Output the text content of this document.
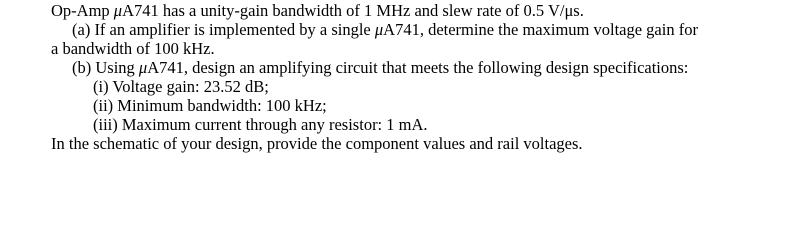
Op-Amp μA741 has a unity-gain bandwidth of 1 MHz and slew rate of 0.5 V/μs.

(a) If an amplifier is implemented by a single μA741, determine the maximum voltage gain for

a bandwidth of 100 kHz.

(b) Using μA741, design an amplifying circuit that meets the following design specifications:

(i) Voltage gain: 23.52 dB;

(ii) Minimum bandwidth: 100 kHz;

(iii) Maximum current through any resistor: 1 mA.

In the schematic of your design, provide the component values and rail voltages.
